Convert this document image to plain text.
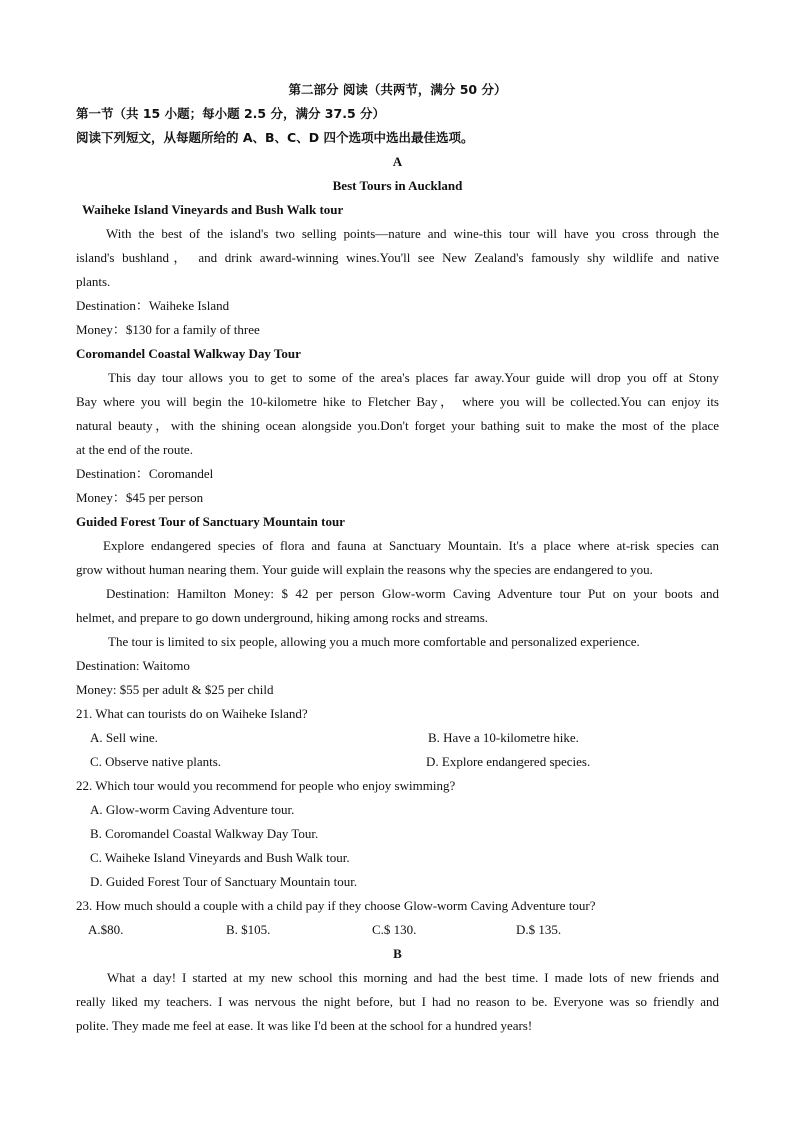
第二部分 阅读（共两节，满分 50 分）
第一节（共 15 小题；每小题 2.5 分，满分 37.5 分）
阅读下列短文，从每题所给的 A、B、C、D 四个选项中选出最佳选项。
A
Best Tours in Auckland
Waiheke Island Vineyards and Bush Walk tour
With the best of the island's two selling points—nature and wine-this tour will have you cross through the
island's bushland， and drink award-winning wines.You'll see New Zealand's famously shy wildlife and native
plants.
Destination：Waiheke Island
Money：$130 for a family of three
Coromandel Coastal Walkway Day Tour
This day tour allows you to get to some of the area's places far away.Your guide will drop you off at Stony
Bay where you will begin the 10-kilometre hike to Fletcher Bay， where you will be collected.You can enjoy its
natural beauty，with the shining ocean alongside you.Don't forget your bathing suit to make the most of the place
at the end of the route.
Destination：Coromandel
Money：$45 per person
Guided Forest Tour of Sanctuary Mountain tour
Explore endangered species of flora and fauna at Sanctuary Mountain. It's a place where at-risk species can
grow without human nearing them. Your guide will explain the reasons why the species are endangered to you.
Destination: Hamilton Money: $ 42 per person Glow-worm Caving Adventure tour Put on your boots and
helmet, and prepare to go down underground, hiking among rocks and streams.
The tour is limited to six people, allowing you a much more comfortable and personalized experience.
Destination: Waitomo
Money: $55 per adult & $25 per child
21. What can tourists do on Waiheke Island?
A. Sell wine.	B. Have a 10-kilometre hike.
C. Observe native plants.	D. Explore endangered species.
22. Which tour would you recommend for people who enjoy swimming?
A. Glow-worm Caving Adventure tour.
B. Coromandel Coastal Walkway Day Tour.
C. Waiheke Island Vineyards and Bush Walk tour.
D. Guided Forest Tour of Sanctuary Mountain tour.
23. How much should a couple with a child pay if they choose Glow-worm Caving Adventure tour?
A.$80.	B. $105.	C.$ 130.	D.$ 135.
B
What a day! I started at my new school this morning and had the best time. I made lots of new friends and
really liked my teachers. I was nervous the night before, but I had no reason to be. Everyone was so friendly and
polite. They made me feel at ease. It was like I'd been at the school for a hundred years!
